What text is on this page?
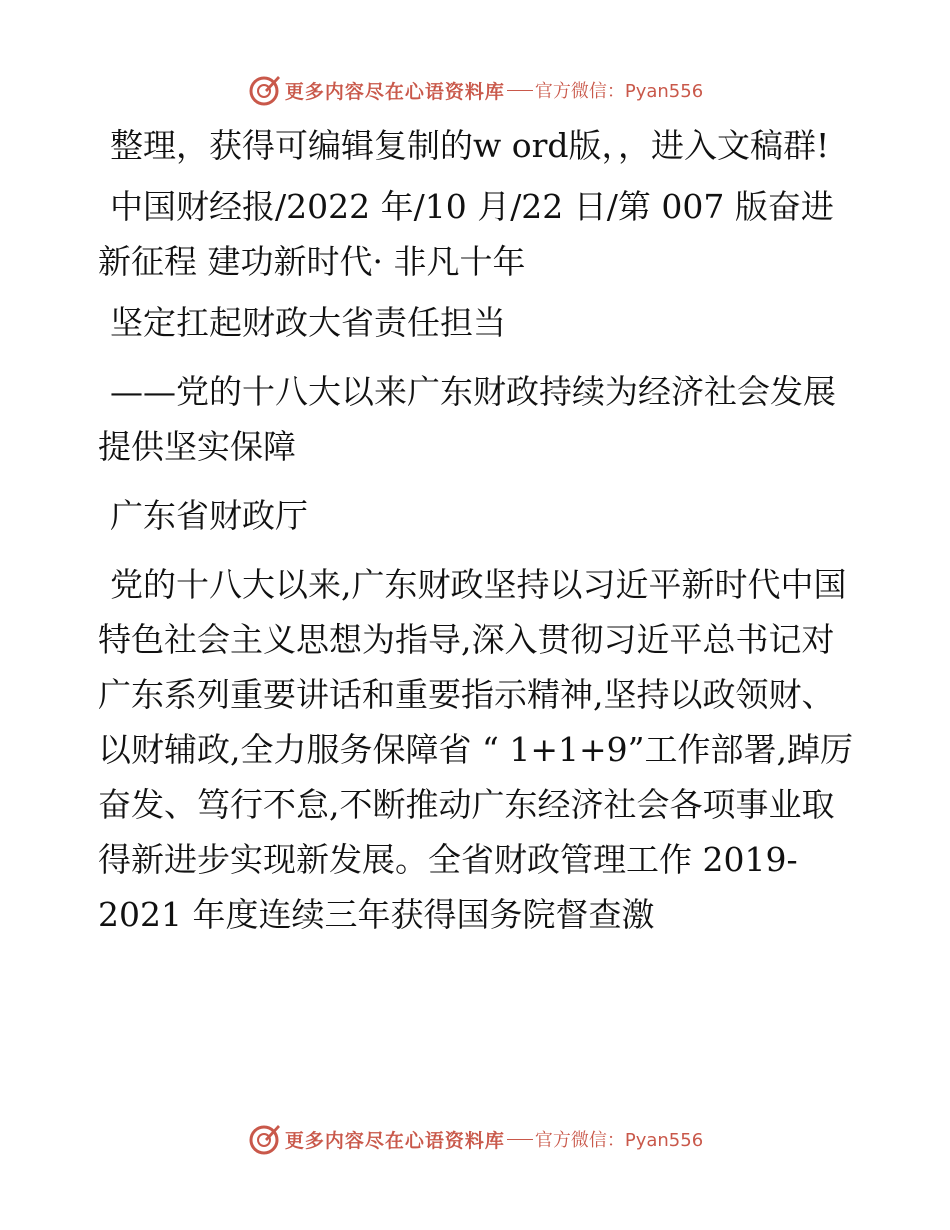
更多内容尽在心语资料库 官方微信：Pyan556

整理，获得可编辑复制的w ord版，，进入文稿群!

中国财经报/2022 年/10 月/22 日/第 007 版奋进新征程 建功新时代· 非凡十年

坚定扛起财政大省责任担当

——党的十八大以来广东财政持续为经济社会发展提供坚实保障

广东省财政厅

党的十八大以来,广东财政坚持以习近平新时代中国特色社会主义思想为指导,深入贯彻习近平总书记对广东系列重要讲话和重要指示精神,坚持以政领财、 以财辅政,全力服务保障省 “ 1+1+9”工作部署,踔厉奋发、笃行不怠,不断推动广东经济社会各项事业取得新进步实现新发展。全省财政管理工作 2019-2021 年度连续三年获得国务院督查激

更多内容尽在心语资料库 官方微信：Pyan556
